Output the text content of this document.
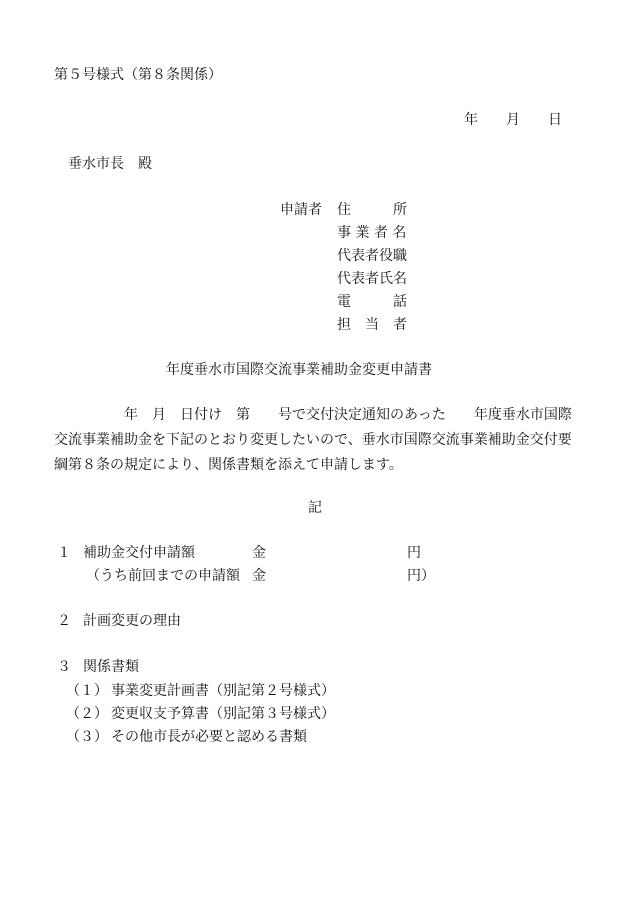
第５号様式（第８条関係）
年 月 日
垂水市長　殿
申請者 住　　　所
事 業 者 名
代表者役職
代表者氏名
電　　　話
担　当　者
年度垂水市国際交流事業補助金変更申請書
年　月　日付け　第　　号で交付決定通知のあった　　年度垂水市国際
交流事業補助金を下記のとおり変更したいので、垂水市国際交流事業補助金交付要
綱第８条の規定により、関係書類を添えて申請します。
記
１ 補助金交付申請額	金	円
（うち前回までの申請額 金	円）
２ 計画変更の理由
３ 関係書類
（１） 事業変更計画書（別記第２号様式）
（２） 変更収支予算書（別記第３号様式）
（３） その他市長が必要と認める書類
